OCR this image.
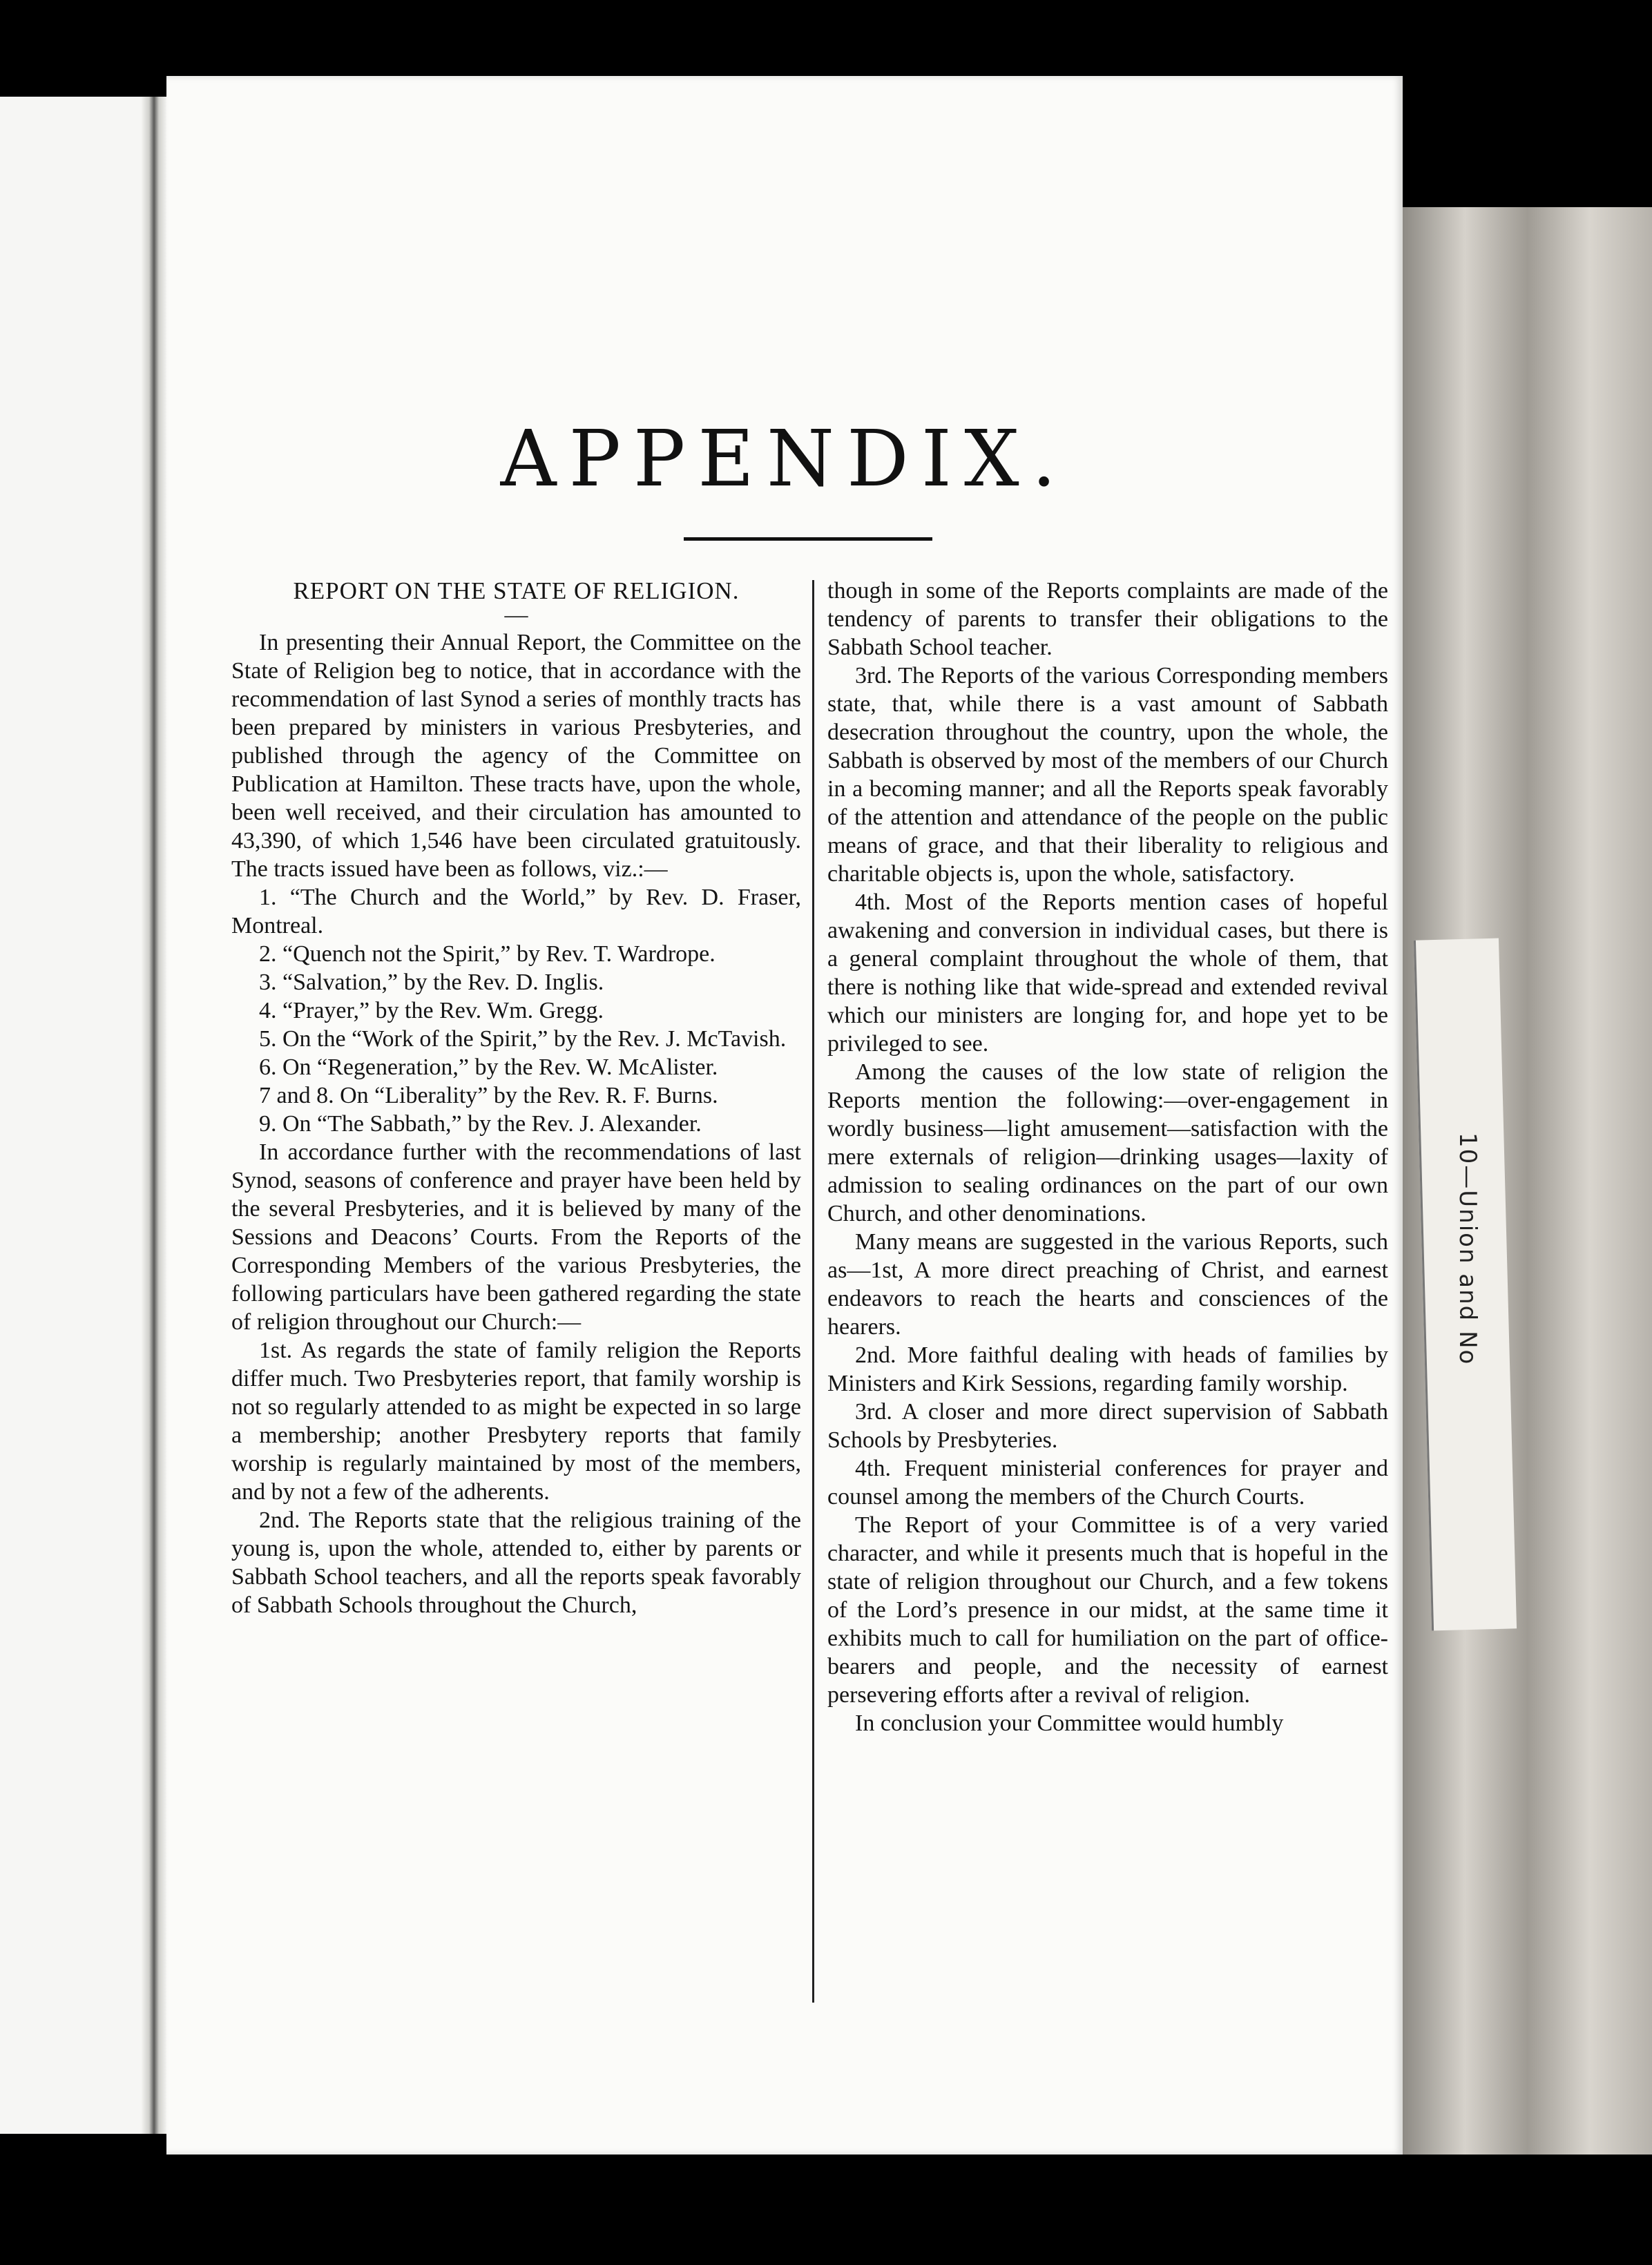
10—Union and No
APPENDIX.
REPORT ON THE STATE OF RELIGION.
—

In presenting their Annual Report, the Committee on the State of Religion beg to notice, that in accordance with the recommendation of last Synod a series of monthly tracts has been prepared by ministers in various Presbyteries, and published through the agency of the Committee on Publication at Hamilton. These tracts have, upon the whole, been well received, and their circulation has amounted to 43,390, of which 1,546 have been circulated gratuitously. The tracts issued have been as follows, viz.:—

1. “The Church and the World,” by Rev. D. Fraser, Montreal.

2. “Quench not the Spirit,” by Rev. T. Wardrope.

3. “Salvation,” by the Rev. D. Inglis.

4. “Prayer,” by the Rev. Wm. Gregg.

5. On the “Work of the Spirit,” by the Rev. J. McTavish.

6. On “Regeneration,” by the Rev. W. McAlister.

7 and 8. On “Liberality” by the Rev. R. F. Burns.

9. On “The Sabbath,” by the Rev. J. Alexander.

In accordance further with the recommendations of last Synod, seasons of conference and prayer have been held by the several Presbyteries, and it is believed by many of the Sessions and Deacons’ Courts. From the Reports of the Corresponding Members of the various Presbyteries, the following particulars have been gathered regarding the state of religion throughout our Church:—

1st. As regards the state of family religion the Reports differ much. Two Presbyteries report, that family worship is not so regularly attended to as might be expected in so large a membership; another Presbytery reports that family worship is regularly maintained by most of the members, and by not a few of the adherents.

2nd. The Reports state that the religious training of the young is, upon the whole, attended to, either by parents or Sabbath School teachers, and all the reports speak favorably of Sabbath Schools throughout the Church,

though in some of the Reports complaints are made of the tendency of parents to transfer their obligations to the Sabbath School teacher.

3rd. The Reports of the various Corresponding members state, that, while there is a vast amount of Sabbath desecration throughout the country, upon the whole, the Sabbath is observed by most of the members of our Church in a becoming manner; and all the Reports speak favorably of the attention and attendance of the people on the public means of grace, and that their liberality to religious and charitable objects is, upon the whole, satisfactory.

4th. Most of the Reports mention cases of hopeful awakening and conversion in individual cases, but there is a general complaint throughout the whole of them, that there is nothing like that wide-spread and extended revival which our ministers are longing for, and hope yet to be privileged to see.

Among the causes of the low state of religion the Reports mention the following:—over-engagement in wordly business—light amusement—satisfaction with the mere externals of religion—drinking usages—laxity of admission to sealing ordinances on the part of our own Church, and other denominations.

Many means are suggested in the various Reports, such as—1st, A more direct preaching of Christ, and earnest endeavors to reach the hearts and consciences of the hearers.

2nd. More faithful dealing with heads of families by Ministers and Kirk Sessions, regarding family worship.

3rd. A closer and more direct supervision of Sabbath Schools by Presbyteries.

4th. Frequent ministerial conferences for prayer and counsel among the members of the Church Courts.

The Report of your Committee is of a very varied character, and while it presents much that is hopeful in the state of religion throughout our Church, and a few tokens of the Lord’s presence in our midst, at the same time it exhibits much to call for humiliation on the part of office-bearers and people, and the necessity of earnest persevering efforts after a revival of religion.

In conclusion your Committee would humbly
